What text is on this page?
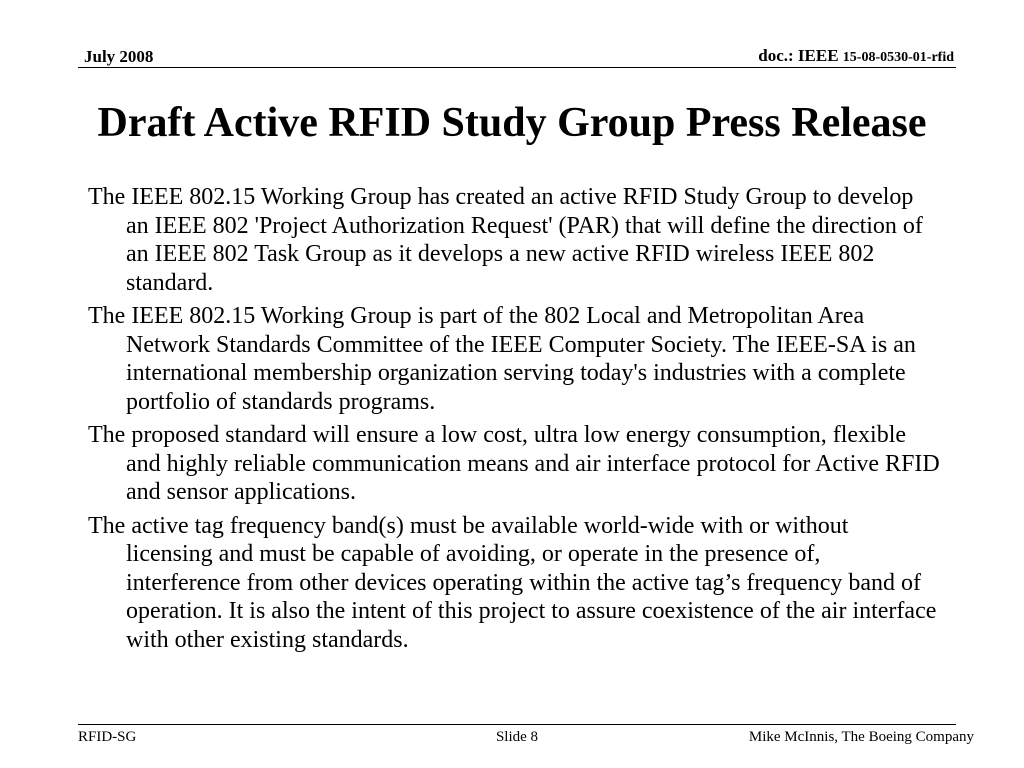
July 2008	doc.: IEEE 15-08-0530-01-rfid
Draft Active RFID Study Group Press Release

The IEEE 802.15 Working Group has created an active RFID Study Group to develop an IEEE 802 'Project Authorization Request' (PAR) that will define the direction of an IEEE 802 Task Group as it develops a new active RFID wireless IEEE 802 standard.

The IEEE 802.15 Working Group is part of the 802 Local and Metropolitan Area Network Standards Committee of the IEEE Computer Society. The IEEE-SA is an international membership organization serving today's industries with a complete portfolio of standards programs.

The proposed standard will ensure a low cost, ultra low energy consumption, flexible and highly reliable communication means and air interface protocol for Active RFID and sensor applications.

The active tag frequency band(s) must be available world-wide with or without licensing and must be capable of avoiding, or operate in the presence of, interference from other devices operating within the active tag’s frequency band of operation. It is also the intent of this project to assure coexistence of the air interface with other existing standards.

RFID-SG	Slide 8	Mike McInnis, The Boeing Company
